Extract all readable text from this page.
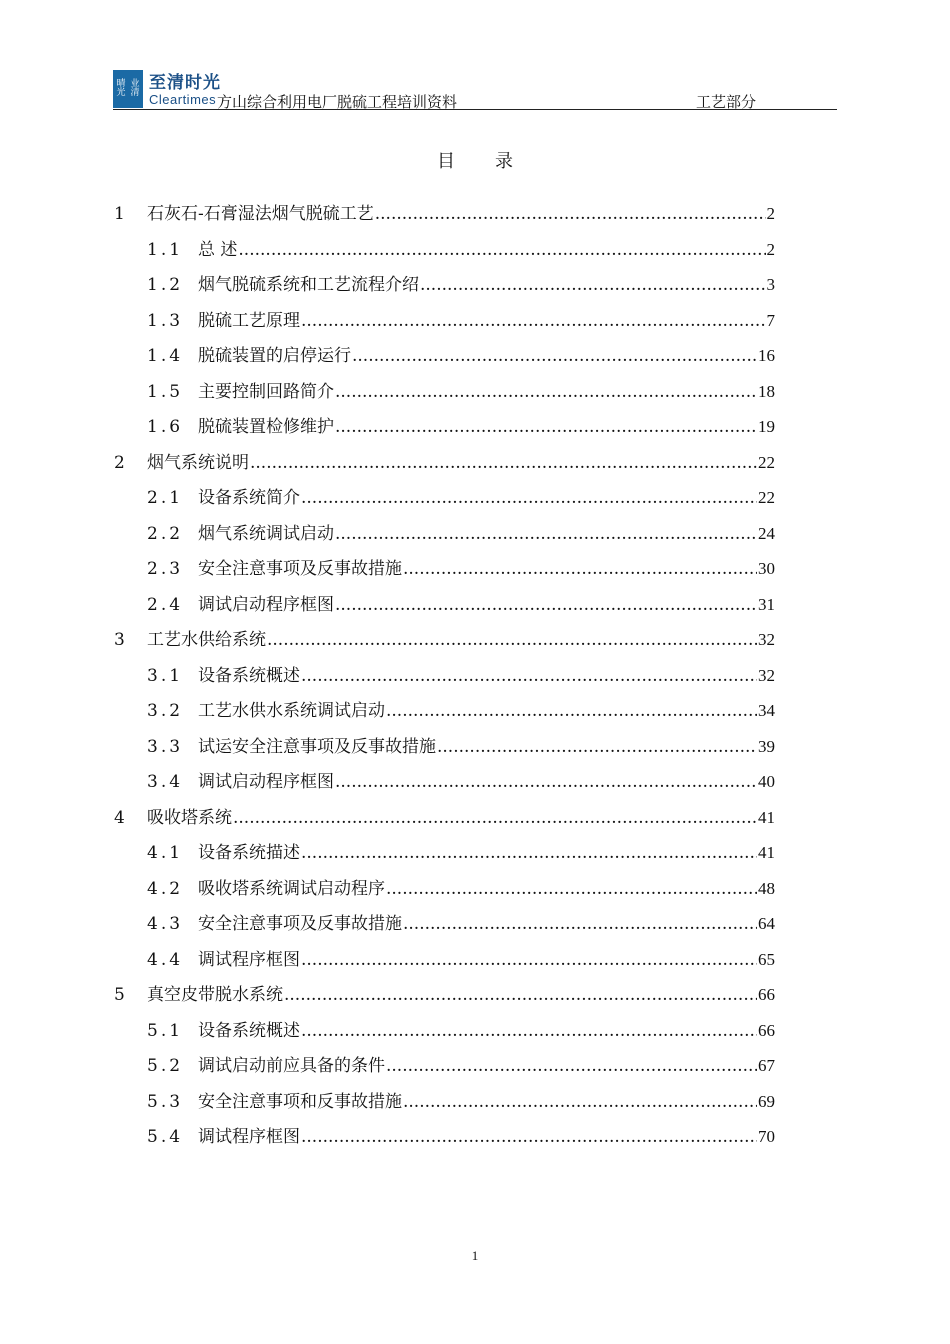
晴 业
光 清 至清时光
Cleartimes 方山综合利用电厂脱硫工程培训资料	工艺部分
目录
1	石灰石-石膏湿法烟气脱硫工艺 .....	2
1.1 总 述 .....	2
1.2 烟气脱硫系统和工艺流程介绍 .....	3
1.3 脱硫工艺原理 .....	7
1.4 脱硫装置的启停运行 .....	16
1.5 主要控制回路简介 .....	18
1.6 脱硫装置检修维护 .....	19
2	烟气系统说明 .....	22
2.1 设备系统简介 .....	22
2.2 烟气系统调试启动 .....	24
2.3 安全注意事项及反事故措施 .....	30
2.4 调试启动程序框图 .....	31
3	工艺水供给系统 .....	32
3.1 设备系统概述 .....	32
3.2 工艺水供水系统调试启动 .....	34
3.3 试运安全注意事项及反事故措施 .....	39
3.4 调试启动程序框图 .....	40
4	吸收塔系统 .....	41
4.1 设备系统描述 .....	41
4.2 吸收塔系统调试启动程序 .....	48
4.3 安全注意事项及反事故措施 .....	64
4.4 调试程序框图 .....	65
5	真空皮带脱水系统 .....	66
5.1 设备系统概述 .....	66
5.2 调试启动前应具备的条件 .....	67
5.3 安全注意事项和反事故措施 .....	69
5.4 调试程序框图 .....	70
1
